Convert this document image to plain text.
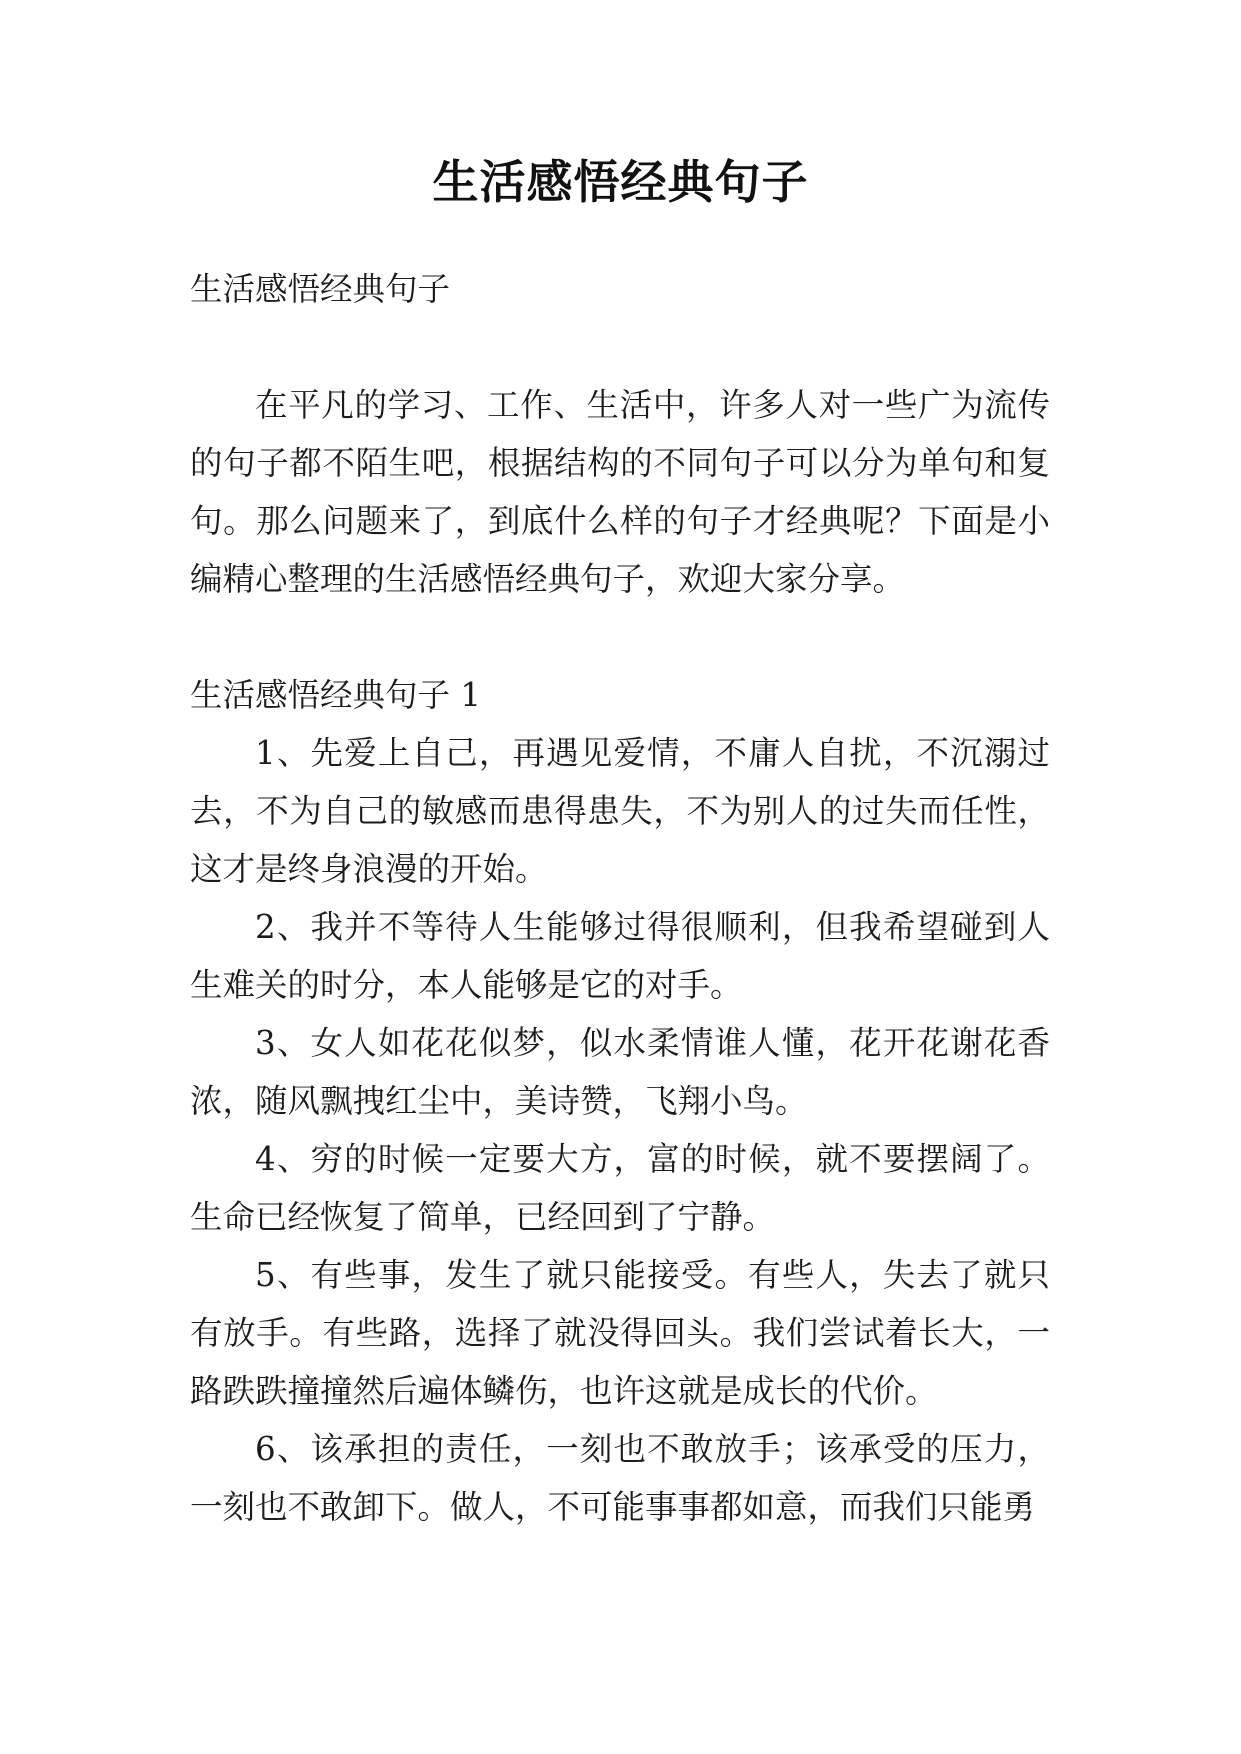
生活感悟经典句子

生活感悟经典句子

在平凡的学习、工作、生活中，许多人对一些广为流传的句子都不陌生吧，根据结构的不同句子可以分为单句和复句。那么问题来了，到底什么样的句子才经典呢？下面是小编精心整理的生活感悟经典句子，欢迎大家分享。

生活感悟经典句子 1

1、先爱上自己，再遇见爱情，不庸人自扰，不沉溺过去，不为自己的敏感而患得患失，不为别人的过失而任性，这才是终身浪漫的开始。

2、我并不等待人生能够过得很顺利，但我希望碰到人生难关的时分，本人能够是它的对手。

3、女人如花花似梦，似水柔情谁人懂，花开花谢花香浓，随风飘拽红尘中，美诗赞，飞翔小鸟。

4、穷的时候一定要大方，富的时候，就不要摆阔了。生命已经恢复了简单，已经回到了宁静。

5、有些事，发生了就只能接受。有些人，失去了就只有放手。有些路，选择了就没得回头。我们尝试着长大，一路跌跌撞撞然后遍体鳞伤，也许这就是成长的代价。

6、该承担的责任，一刻也不敢放手；该承受的压力，一刻也不敢卸下。做人，不可能事事都如意，而我们只能勇
